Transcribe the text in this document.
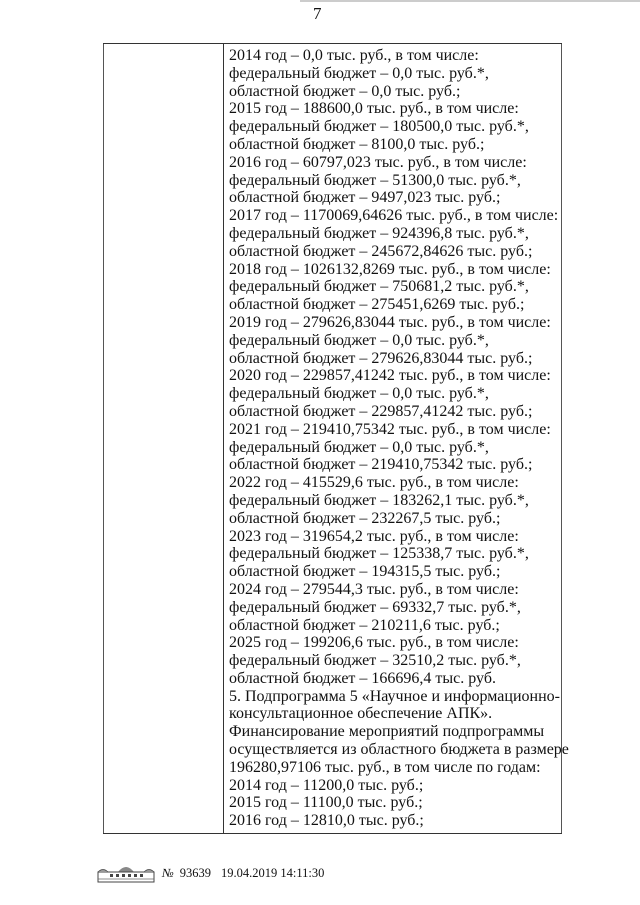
7
2014 год – 0,0 тыс. руб., в том числе:
федеральный бюджет – 0,0 тыс. руб.*,
областной бюджет – 0,0 тыс. руб.;
2015 год – 188600,0 тыс. руб., в том числе:
федеральный бюджет – 180500,0 тыс. руб.*,
областной бюджет – 8100,0 тыс. руб.;
2016 год – 60797,023 тыс. руб., в том числе:
федеральный бюджет – 51300,0 тыс. руб.*,
областной бюджет – 9497,023 тыс. руб.;
2017 год – 1170069,64626 тыс. руб., в том числе:
федеральный бюджет – 924396,8 тыс. руб.*,
областной бюджет – 245672,84626 тыс. руб.;
2018 год – 1026132,8269 тыс. руб., в том числе:
федеральный бюджет – 750681,2 тыс. руб.*,
областной бюджет – 275451,6269 тыс. руб.;
2019 год – 279626,83044 тыс. руб., в том числе:
федеральный бюджет – 0,0 тыс. руб.*,
областной бюджет – 279626,83044 тыс. руб.;
2020 год – 229857,41242 тыс. руб., в том числе:
федеральный бюджет – 0,0 тыс. руб.*,
областной бюджет – 229857,41242 тыс. руб.;
2021 год – 219410,75342 тыс. руб., в том числе:
федеральный бюджет – 0,0 тыс. руб.*,
областной бюджет – 219410,75342 тыс. руб.;
2022 год – 415529,6 тыс. руб., в том числе:
федеральный бюджет – 183262,1 тыс. руб.*,
областной бюджет – 232267,5 тыс. руб.;
2023 год – 319654,2 тыс. руб., в том числе:
федеральный бюджет – 125338,7 тыс. руб.*,
областной бюджет – 194315,5 тыс. руб.;
2024 год – 279544,3 тыс. руб., в том числе:
федеральный бюджет – 69332,7 тыс. руб.*,
областной бюджет – 210211,6 тыс. руб.;
2025 год – 199206,6 тыс. руб., в том числе:
федеральный бюджет – 32510,2 тыс. руб.*,
областной бюджет – 166696,4 тыс. руб.
5. Подпрограмма 5 «Научное и информационно-
консультационное обеспечение АПК».
Финансирование мероприятий подпрограммы
осуществляется из областного бюджета в размере
196280,97106 тыс. руб., в том числе по годам:
2014 год – 11200,0 тыс. руб.;
2015 год – 11100,0 тыс. руб.;
2016 год – 12810,0 тыс. руб.;
№ 93639 19.04.2019 14:11:30
